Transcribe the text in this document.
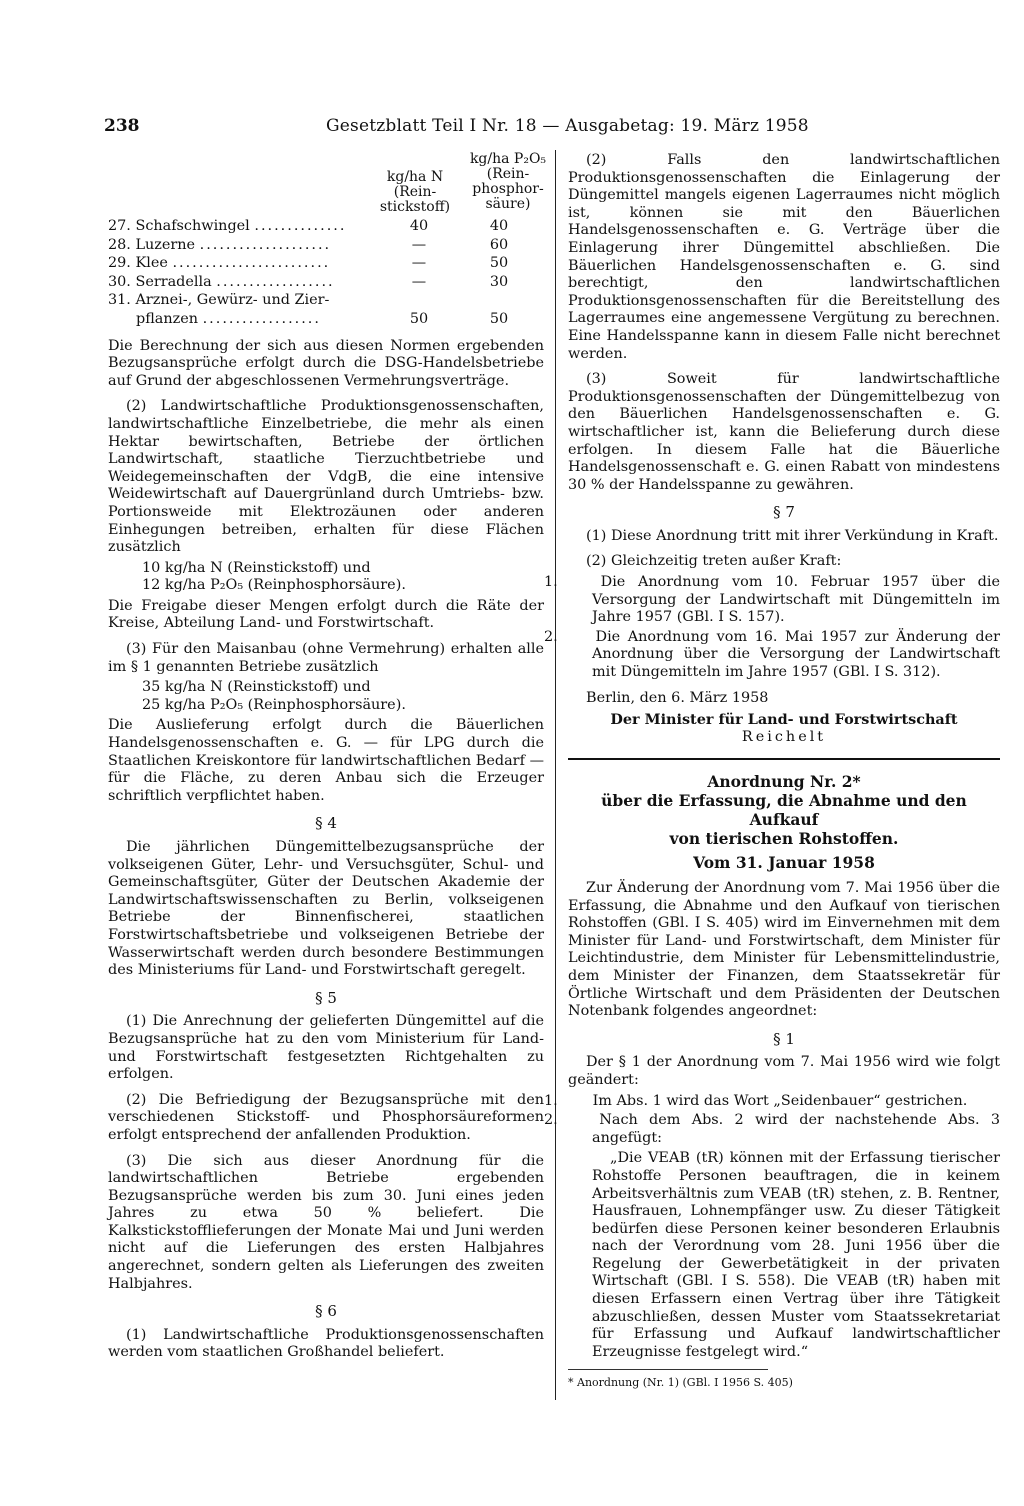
238	Gesetzblatt Teil I Nr. 18 — Ausgabetag: 19. März 1958
kg/ha N (Rein- stickstoff)
kg/ha P₂O₅ (Rein- phosphor- säure)
27. Schafschwingel ..............	40	40
28. Luzerne ....................	—	60
29. Klee ........................	—	50
30. Serradella ..................	—	30
31. Arznei-, Gewürz- und Zier-
pflanzen ..................	50	50

Die Berechnung der sich aus diesen Normen ergebenden Bezugsansprüche erfolgt durch die DSG-Handelsbetriebe auf Grund der abgeschlossenen Vermehrungsverträge.

(2) Landwirtschaftliche Produktionsgenossenschaften, landwirtschaftliche Einzelbetriebe, die mehr als einen Hektar bewirtschaften, Betriebe der örtlichen Landwirtschaft, staatliche Tierzuchtbetriebe und Weidegemeinschaften der VdgB, die eine intensive Weidewirtschaft auf Dauergrünland durch Umtriebs- bzw. Portionsweide mit Elektrozäunen oder anderen Einhegungen betreiben, erhalten für diese Flächen zusätzlich

10 kg/ha N (Reinstickstoff) und
12 kg/ha P₂O₅ (Reinphosphorsäure).

Die Freigabe dieser Mengen erfolgt durch die Räte der Kreise, Abteilung Land- und Forstwirtschaft.

(3) Für den Maisanbau (ohne Vermehrung) erhalten alle im § 1 genannten Betriebe zusätzlich

35 kg/ha N (Reinstickstoff) und
25 kg/ha P₂O₅ (Reinphosphorsäure).

Die Auslieferung erfolgt durch die Bäuerlichen Handelsgenossenschaften e. G. — für LPG durch die Staatlichen Kreiskontore für landwirtschaftlichen Bedarf — für die Fläche, zu deren Anbau sich die Erzeuger schriftlich verpflichtet haben.

§ 4

Die jährlichen Düngemittelbezugsansprüche der volkseigenen Güter, Lehr- und Versuchsgüter, Schul- und Gemeinschaftsgüter, Güter der Deutschen Akademie der Landwirtschaftswissenschaften zu Berlin, volkseigenen Betriebe der Binnenfischerei, staatlichen Forstwirtschaftsbetriebe und volkseigenen Betriebe der Wasserwirtschaft werden durch besondere Bestimmungen des Ministeriums für Land- und Forstwirtschaft geregelt.

§ 5

(1) Die Anrechnung der gelieferten Düngemittel auf die Bezugsansprüche hat zu den vom Ministerium für Land- und Forstwirtschaft festgesetzten Richtgehalten zu erfolgen.

(2) Die Befriedigung der Bezugsansprüche mit den verschiedenen Stickstoff- und Phosphorsäureformen erfolgt entsprechend der anfallenden Produktion.

(3) Die sich aus dieser Anordnung für die landwirtschaftlichen Betriebe ergebenden Bezugsansprüche werden bis zum 30. Juni eines jeden Jahres zu etwa 50 % beliefert. Die Kalkstickstofflieferungen der Monate Mai und Juni werden nicht auf die Lieferungen des ersten Halbjahres angerechnet, sondern gelten als Lieferungen des zweiten Halbjahres.

§ 6

(1) Landwirtschaftliche Produktionsgenossenschaften werden vom staatlichen Großhandel beliefert.

(2) Falls den landwirtschaftlichen Produktionsgenossenschaften die Einlagerung der Düngemittel mangels eigenen Lagerraumes nicht möglich ist, können sie mit den Bäuerlichen Handelsgenossenschaften e. G. Verträge über die Einlagerung ihrer Düngemittel abschließen. Die Bäuerlichen Handelsgenossenschaften e. G. sind berechtigt, den landwirtschaftlichen Produktionsgenossenschaften für die Bereitstellung des Lagerraumes eine angemessene Vergütung zu berechnen. Eine Handelsspanne kann in diesem Falle nicht berechnet werden.

(3) Soweit für landwirtschaftliche Produktionsgenossenschaften der Düngemittelbezug von den Bäuerlichen Handelsgenossenschaften e. G. wirtschaftlicher ist, kann die Belieferung durch diese erfolgen. In diesem Falle hat die Bäuerliche Handelsgenossenschaft e. G. einen Rabatt von mindestens 30 % der Handelsspanne zu gewähren.

§ 7

(1) Diese Anordnung tritt mit ihrer Verkündung in Kraft.

(2) Gleichzeitig treten außer Kraft:

1.	Die Anordnung vom 10. Februar 1957 über die Versorgung der Landwirtschaft mit Düngemitteln im Jahre 1957 (GBl. I S. 157).
2.	Die Anordnung vom 16. Mai 1957 zur Änderung der Anordnung über die Versorgung der Landwirtschaft mit Düngemitteln im Jahre 1957 (GBl. I S. 312).

Berlin, den 6. März 1958

Der Minister für Land- und Forstwirtschaft
Reichelt
Anordnung Nr. 2*
über die Erfassung, die Abnahme und den Aufkauf
von tierischen Rohstoffen.
Vom 31. Januar 1958

Zur Änderung der Anordnung vom 7. Mai 1956 über die Erfassung, die Abnahme und den Aufkauf von tierischen Rohstoffen (GBl. I S. 405) wird im Einvernehmen mit dem Minister für Land- und Forstwirtschaft, dem Minister für Leichtindustrie, dem Minister für Lebensmittelindustrie, dem Minister der Finanzen, dem Staatssekretär für Örtliche Wirtschaft und dem Präsidenten der Deutschen Notenbank folgendes angeordnet:

§ 1

Der § 1 der Anordnung vom 7. Mai 1956 wird wie folgt geändert:

1. Im Abs. 1 wird das Wort „Seidenbauer“ gestrichen.
2.	Nach dem Abs. 2 wird der nachstehende Abs. 3 angefügt:

„Die VEAB (tR) können mit der Erfassung tierischer Rohstoffe Personen beauftragen, die in keinem Arbeitsverhältnis zum VEAB (tR) stehen, z. B. Rentner, Hausfrauen, Lohnempfänger usw. Zu dieser Tätigkeit bedürfen diese Personen keiner besonderen Erlaubnis nach der Verordnung vom 28. Juni 1956 über die Regelung der Gewerbetätigkeit in der privaten Wirtschaft (GBl. I S. 558). Die VEAB (tR) haben mit diesen Erfassern einen Vertrag über ihre Tätigkeit abzuschließen, dessen Muster vom Staatssekretariat für Erfassung und Aufkauf landwirtschaftlicher Erzeugnisse festgelegt wird.“

* Anordnung (Nr. 1) (GBl. I 1956 S. 405)
